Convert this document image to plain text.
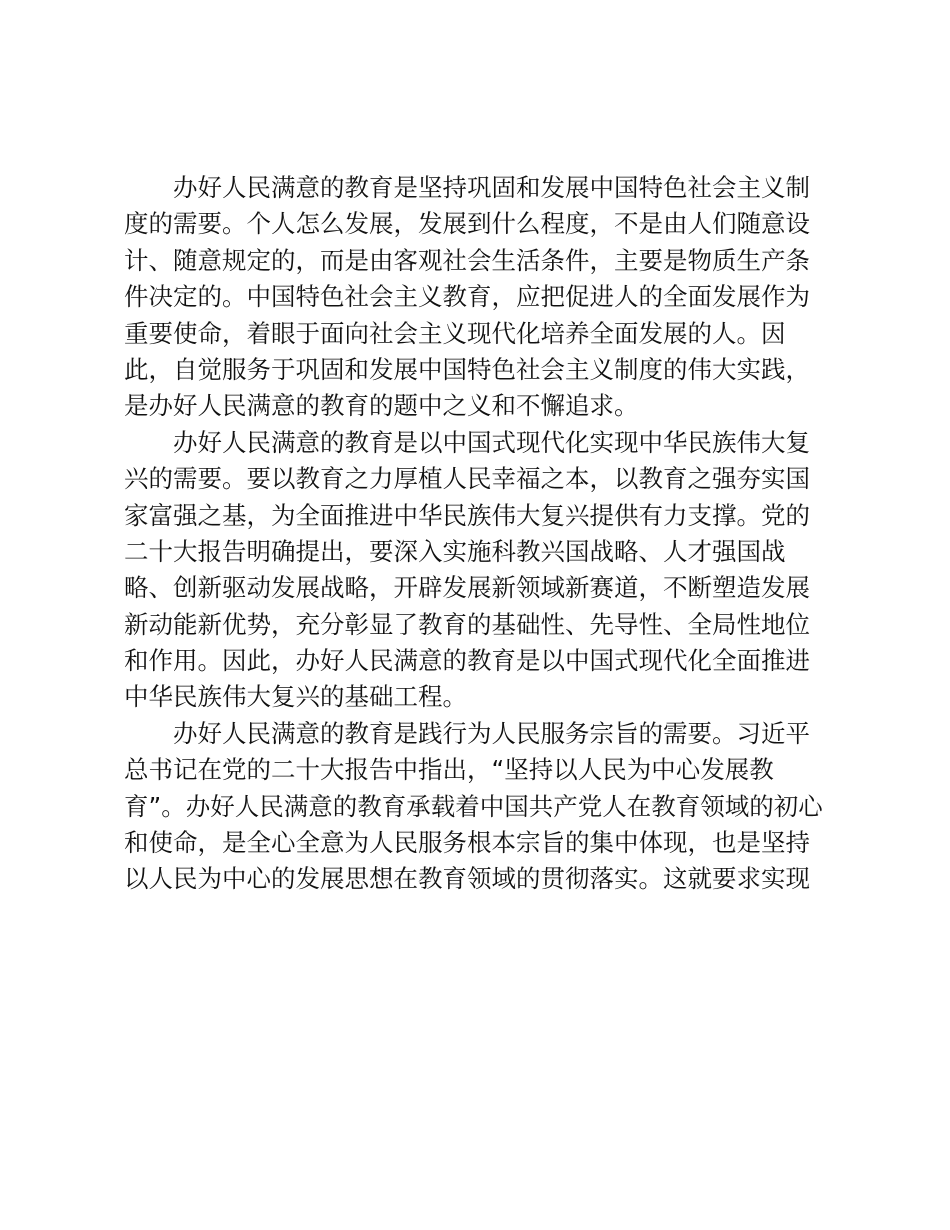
办好人民满意的教育是坚持巩固和发展中国特色社会主义制
度的需要。个人怎么发展，发展到什么程度，不是由人们随意设
计、随意规定的，而是由客观社会生活条件，主要是物质生产条
件决定的。中国特色社会主义教育，应把促进人的全面发展作为
重要使命，着眼于面向社会主义现代化培养全面发展的人。因
此，自觉服务于巩固和发展中国特色社会主义制度的伟大实践，
是办好人民满意的教育的题中之义和不懈追求。
办好人民满意的教育是以中国式现代化实现中华民族伟大复
兴的需要。要以教育之力厚植人民幸福之本，以教育之强夯实国
家富强之基，为全面推进中华民族伟大复兴提供有力支撑。党的
二十大报告明确提出，要深入实施科教兴国战略、人才强国战
略、创新驱动发展战略，开辟发展新领域新赛道，不断塑造发展
新动能新优势，充分彰显了教育的基础性、先导性、全局性地位
和作用。因此，办好人民满意的教育是以中国式现代化全面推进
中华民族伟大复兴的基础工程。
办好人民满意的教育是践行为人民服务宗旨的需要。习近平
总书记在党的二十大报告中指出，“坚持以人民为中心发展教
育”。办好人民满意的教育承载着中国共产党人在教育领域的初心
和使命，是全心全意为人民服务根本宗旨的集中体现，也是坚持
以人民为中心的发展思想在教育领域的贯彻落实。这就要求实现
